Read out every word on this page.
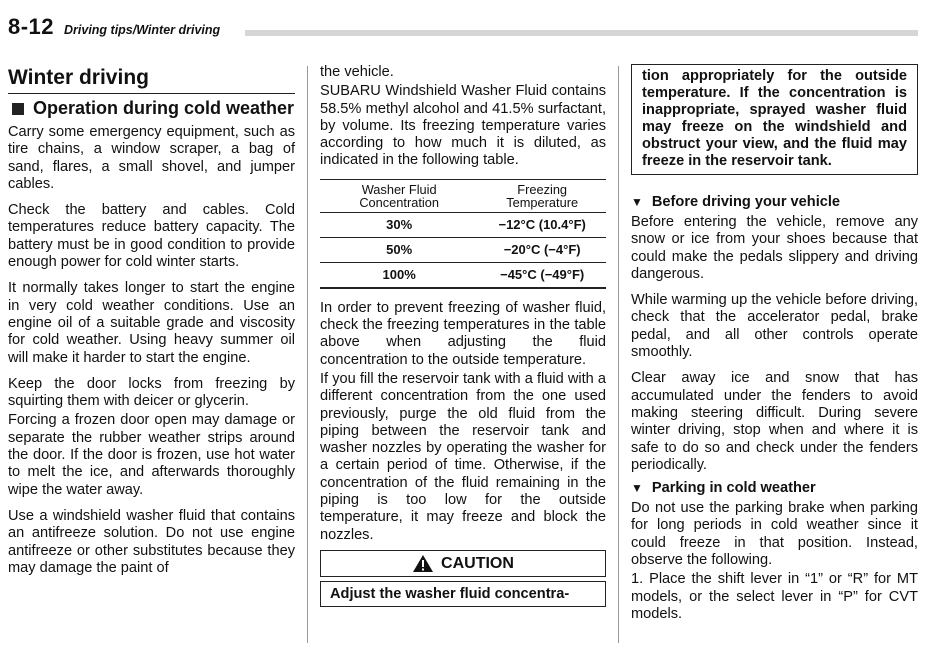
8-12 Driving tips/Winter driving
Winter driving
Operation during cold weather

Carry some emergency equipment, such as tire chains, a window scraper, a bag of sand, flares, a small shovel, and jumper cables.

Check the battery and cables. Cold temperatures reduce battery capacity. The battery must be in good condition to provide enough power for cold winter starts.

It normally takes longer to start the engine in very cold weather conditions. Use an engine oil of a suitable grade and viscosity for cold weather. Using heavy summer oil will make it harder to start the engine.

Keep the door locks from freezing by squirting them with deicer or glycerin.

Forcing a frozen door open may damage or separate the rubber weather strips around the door. If the door is frozen, use hot water to melt the ice, and afterwards thoroughly wipe the water away.

Use a windshield washer fluid that contains an antifreeze solution. Do not use engine antifreeze or other substitutes because they may damage the paint of

the vehicle.

SUBARU Windshield Washer Fluid contains 58.5% methyl alcohol and 41.5% surfactant, by volume. Its freezing temperature varies according to how much it is diluted, as indicated in the following table.

Washer Fluid Concentration	Freezing Temperature
30%	−12°C (10.4°F)
50%	−20°C (−4°F)
100%	−45°C (−49°F)

In order to prevent freezing of washer fluid, check the freezing temperatures in the table above when adjusting the fluid concentration to the outside temperature.

If you fill the reservoir tank with a fluid with a different concentration from the one used previously, purge the old fluid from the piping between the reservoir tank and washer nozzles by operating the washer for a certain period of time. Otherwise, if the concentration of the fluid remaining in the piping is too low for the outside temperature, it may freeze and block the nozzles.

CAUTION
Adjust the washer fluid concentra-
tion appropriately for the outside temperature. If the concentration is inappropriate, sprayed washer fluid may freeze on the windshield and obstruct your view, and the fluid may freeze in the reservoir tank.
▼ Before driving your vehicle

Before entering the vehicle, remove any snow or ice from your shoes because that could make the pedals slippery and driving dangerous.

While warming up the vehicle before driving, check that the accelerator pedal, brake pedal, and all other controls operate smoothly.

Clear away ice and snow that has accumulated under the fenders to avoid making steering difficult. During severe winter driving, stop when and where it is safe to do so and check under the fenders periodically.

▼ Parking in cold weather

Do not use the parking brake when parking for long periods in cold weather since it could freeze in that position. Instead, observe the following.

1. Place the shift lever in “1” or “R” for MT models, or the select lever in “P” for CVT models.
